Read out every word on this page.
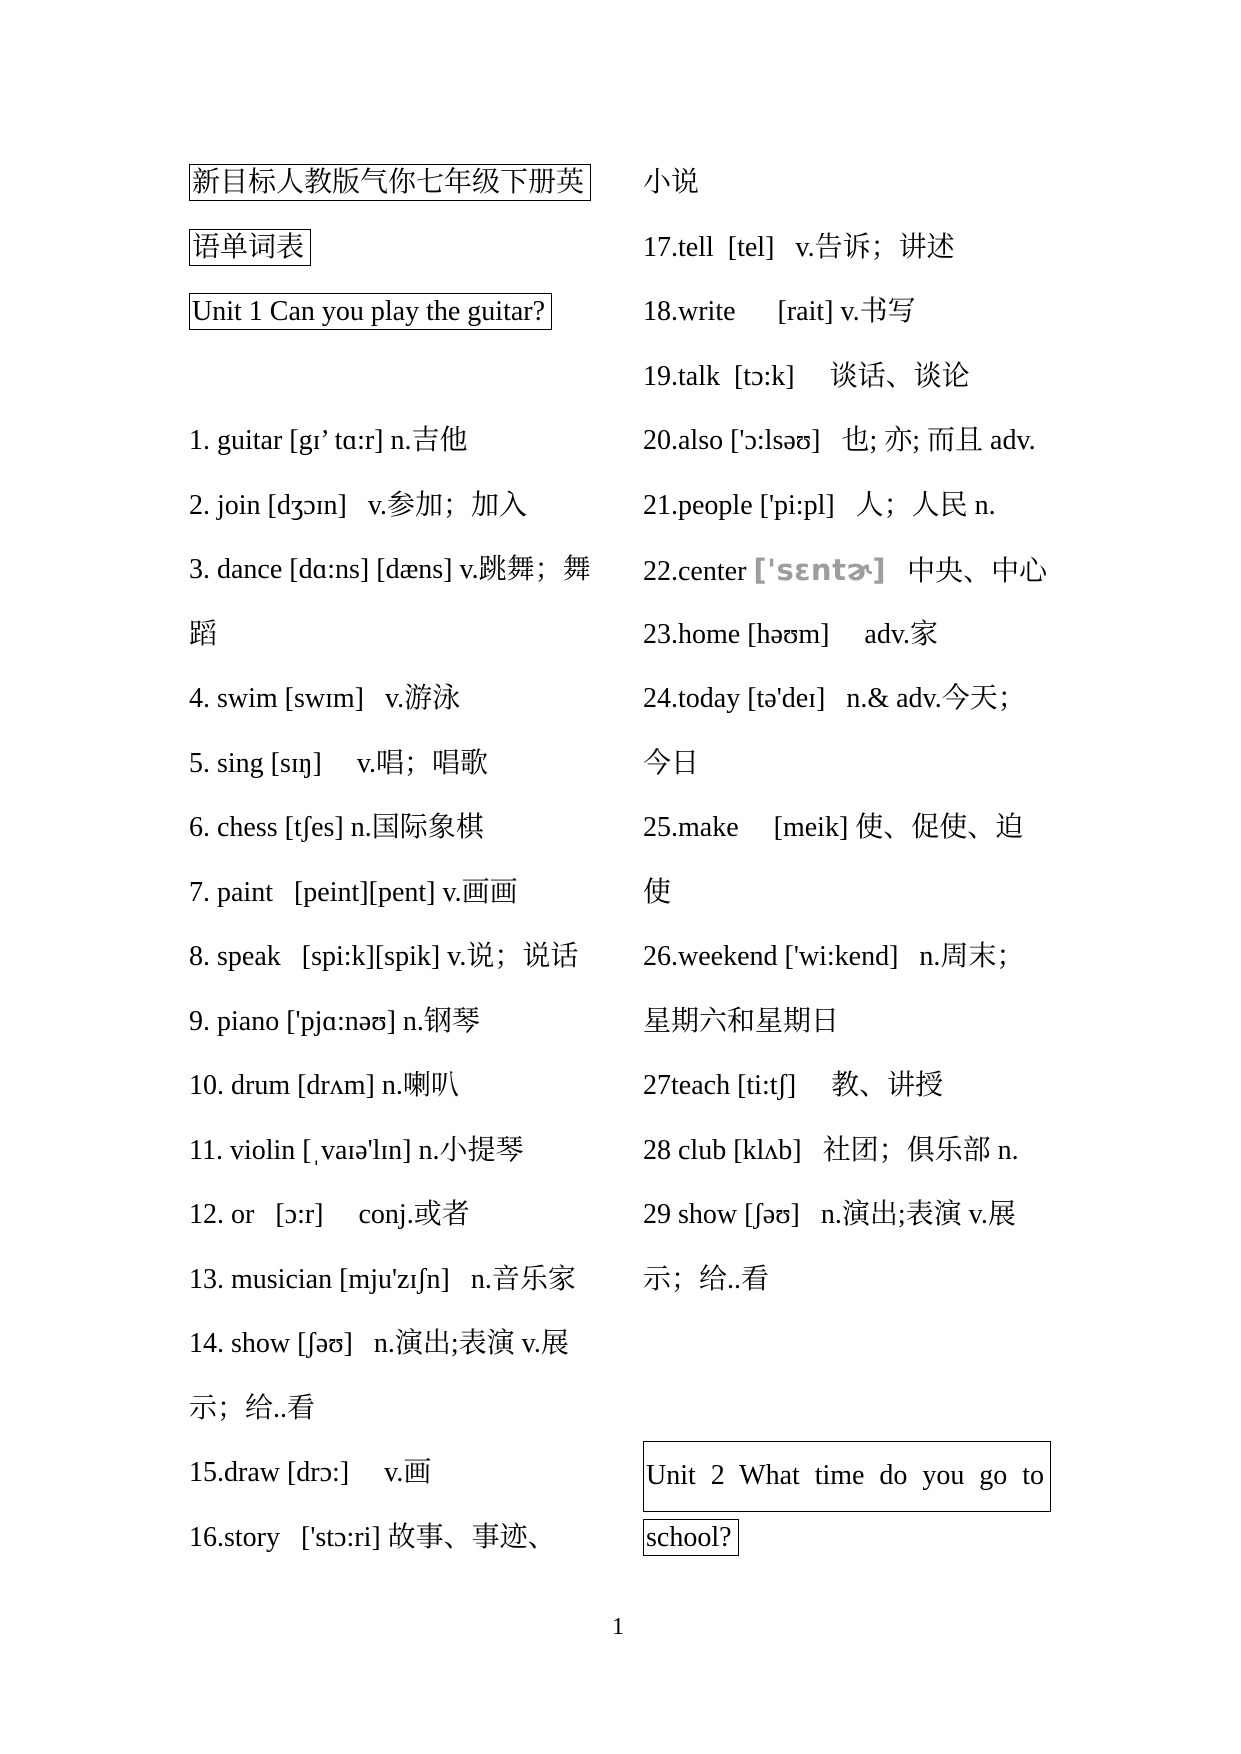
新目标人教版气你七年级下册英
语单词表
Unit 1 Can you play the guitar?
1. guitar [gɪ’ tɑ:r] n.吉他
2. join [dʒɔɪn]   v.参加；加入
3. dance [dɑ:ns] [dæns] v.跳舞；舞
蹈
4. swim [swɪm]   v.游泳
5. sing [sɪŋ]     v.唱；唱歌
6. chess [tʃes] n.国际象棋
7. paint   [peint][pent] v.画画
8. speak   [spi:k][spik] v.说；说话
9. piano ['pjɑ:nəʊ] n.钢琴
10. drum [drʌm] n.喇叭
11. violin [ˌvaɪə'lɪn] n.小提琴
12. or   [ɔ:r]     conj.或者
13. musician [mju'zɪʃn]   n.音乐家
14. show [ʃəʊ]   n.演出;表演 v.展
示；给..看
15.draw [drɔ:]     v.画
16.story   ['stɔ:ri] 故事、事迹、
小说
17.tell  [tel]   v.告诉；讲述
18.write      [rait] v.书写
19.talk  [tɔ:k]     谈话、谈论
20.also ['ɔ:lsəʊ]   也; 亦; 而且 adv.
21.people ['pi:pl]   人；人民 n.
22.center ['sɛntɚ]   中央、中心
23.home [həʊm]     adv.家
24.today [tə'deɪ]   n.& adv.今天；
今日
25.make     [meik] 使、促使、迫
使
26.weekend ['wi:kend]   n.周末；
星期六和星期日
27teach [ti:tʃ]     教、讲授
28 club [klʌb]   社团；俱乐部 n.
29 show [ʃəʊ]   n.演出;表演 v.展
示；给..看
Unit 2 What time do you go to
school?
1
